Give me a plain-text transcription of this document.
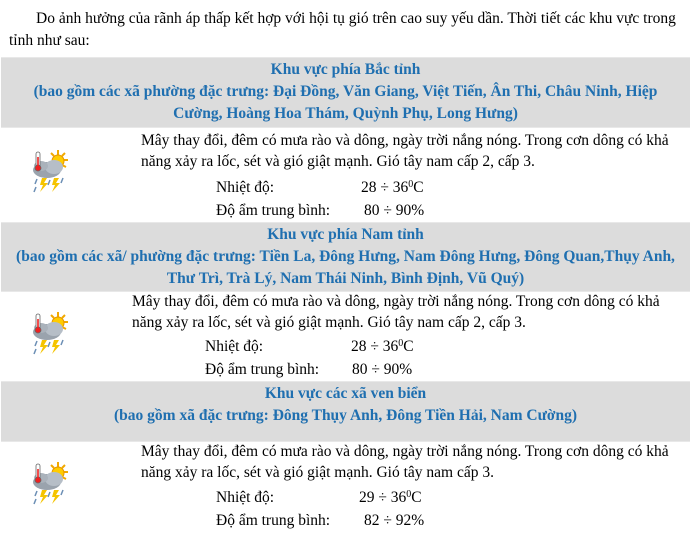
Do ảnh hưởng của rãnh áp thấp kết hợp với hội tụ gió trên cao suy yếu dần. Thời tiết các khu vực trong tỉnh như sau:
Khu vực phía Bắc tỉnh
(bao gồm các xã phường đặc trưng: Đại Đồng, Văn Giang, Việt Tiến, Ân Thi, Châu Ninh, Hiệp Cường, Hoàng Hoa Thám, Quỳnh Phụ, Long Hưng)
Mây thay đổi, đêm có mưa rào và dông, ngày trời nắng nóng. Trong cơn dông có khả năng xảy ra lốc, sét và gió giật mạnh. Gió tây nam cấp 2, cấp 3.
Nhiệt độ:	$28 \div 36^0C$
Độ ẩm trung bình: 80 ÷ 90%
Khu vực phía Nam tỉnh
(bao gồm các xã/ phường đặc trưng: Tiền La, Đông Hưng, Nam Đông Hưng, Đông Quan,Thụy Anh, Thư Trì, Trà Lý, Nam Thái Ninh, Bình Định, Vũ Quý)
Mây thay đổi, đêm có mưa rào và dông, ngày trời nắng nóng. Trong cơn dông có khả năng xảy ra lốc, sét và gió giật mạnh. Gió tây nam cấp 2, cấp 3.
Nhiệt độ:	$28 \div 36^0C$
Độ ẩm trung bình: 80 ÷ 90%
Khu vực các xã ven biển
(bao gồm xã đặc trưng: Đông Thụy Anh, Đông Tiền Hải, Nam Cường)
Mây thay đổi, đêm có mưa rào và dông, ngày trời nắng nóng. Trong cơn dông có khả năng xảy ra lốc, sét và gió giật mạnh. Gió tây nam cấp 3.
Nhiệt độ:	$29 \div 36^0C$
Độ ẩm trung bình: 82 ÷ 92%
